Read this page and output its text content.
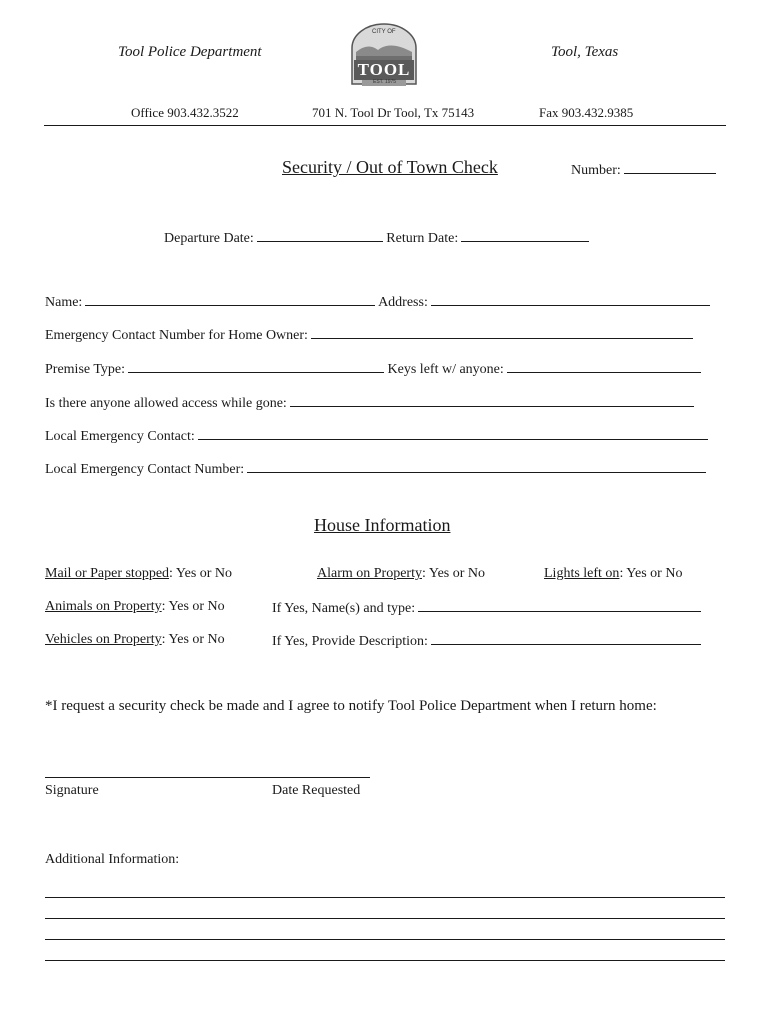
Tool Police Department	Tool, Texas
CITY OF
TOOL
EST. 1975
Office 903.432.3522	701 N. Tool Dr Tool, Tx 75143	Fax 903.432.9385
Security / Out of Town Check	Number:
Departure Date:	Return Date:
Name:	Address:
Emergency Contact Number for Home Owner:
Premise Type:	Keys left w/ anyone:
Is there anyone allowed access while gone:
Local Emergency Contact:
Local Emergency Contact Number:
House Information
Mail or Paper stopped: Yes or No	Alarm on Property: Yes or No	Lights left on: Yes or No
Animals on Property: Yes or No	If Yes, Name(s) and type:
Vehicles on Property: Yes or No	If Yes, Provide Description:
*I request a security check be made and I agree to notify Tool Police Department when I return home:
Signature	Date Requested
Additional Information:
